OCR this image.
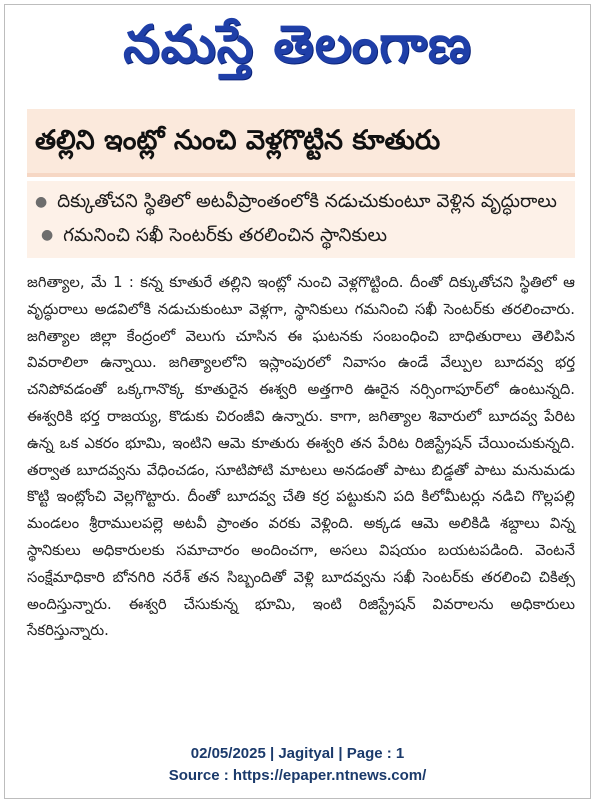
నమస్తే తెలంగాణ
తల్లిని ఇంట్లో నుంచి వెళ్లగొట్టిన కూతురు
● దిక్కుతోచని స్థితిలో అటవీప్రాంతంలోకి నడుచుకుంటూ వెళ్లిన వృద్ధురాలు ● గమనించి సఖీ సెంటర్‌కు తరలించిన స్థానికులు
జగిత్యాల, మే 1 : కన్న కూతురే తల్లిని ఇంట్లో నుంచి వెళ్లగొట్టింది. దీంతో దిక్కుతోచని స్థితిలో ఆ వృద్ధురాలు అడవిలోకి నడుచుకుంటూ వెళ్లగా, స్థానికులు గమనించి సఖీ సెంటర్‌కు తరలించారు. జగిత్యాల జిల్లా కేంద్రంలో వెలుగు చూసిన ఈ ఘటనకు సంబంధించి బాధితురాలు తెలిపిన వివరాలిలా ఉన్నాయి. జగిత్యాలలోని ఇస్లాంపురలో నివాసం ఉండే వేల్పుల బూదవ్వ భర్త చనిపోవడంతో ఒక్కగానొక్క కూతురైన ఈశ్వరి అత్తగారి ఊరైన నర్సింగాపూర్‌లో ఉంటున్నది. ఈశ్వరికి భర్త రాజయ్య, కొడుకు చిరంజీవి ఉన్నారు. కాగా, జగిత్యాల శివారులో బూదవ్వ పేరిట ఉన్న ఒక ఎకరం భూమి, ఇంటిని ఆమె కూతురు ఈశ్వరి తన పేరిట రిజిస్ట్రేషన్ చేయించుకున్నది. తర్వాత బూదవ్వను వేధించడం, సూటిపోటి మాటలు అనడంతో పాటు బిడ్డతో పాటు మనుమడు కొట్టి ఇంట్లోంచి వెల్లగొట్టారు. దీంతో బూదవ్వ చేతి కర్ర పట్టుకుని పది కిలోమీటర్లు నడిచి గొల్లపల్లి మండలం శ్రీరాములపల్లె అటవీ ప్రాంతం వరకు వెళ్లింది. అక్కడ ఆమె అలికిడి శబ్దాలు విన్న స్థానికులు అధికారులకు సమాచారం అందించగా, అసలు విషయం బయటపడింది. వెంటనే సంక్షేమాధికారి బోనగిరి నరేశ్ తన సిబ్బందితో వెళ్లి బూదవ్వను సఖీ సెంటర్‌కు తరలించి చికిత్స అందిస్తున్నారు. ఈశ్వరి చేసుకున్న భూమి, ఇంటి రిజిస్ట్రేషన్ వివరాలను అధికారులు సేకరిస్తున్నారు.
02/05/2025 | Jagityal | Page : 1
Source : https://epaper.ntnews.com/
